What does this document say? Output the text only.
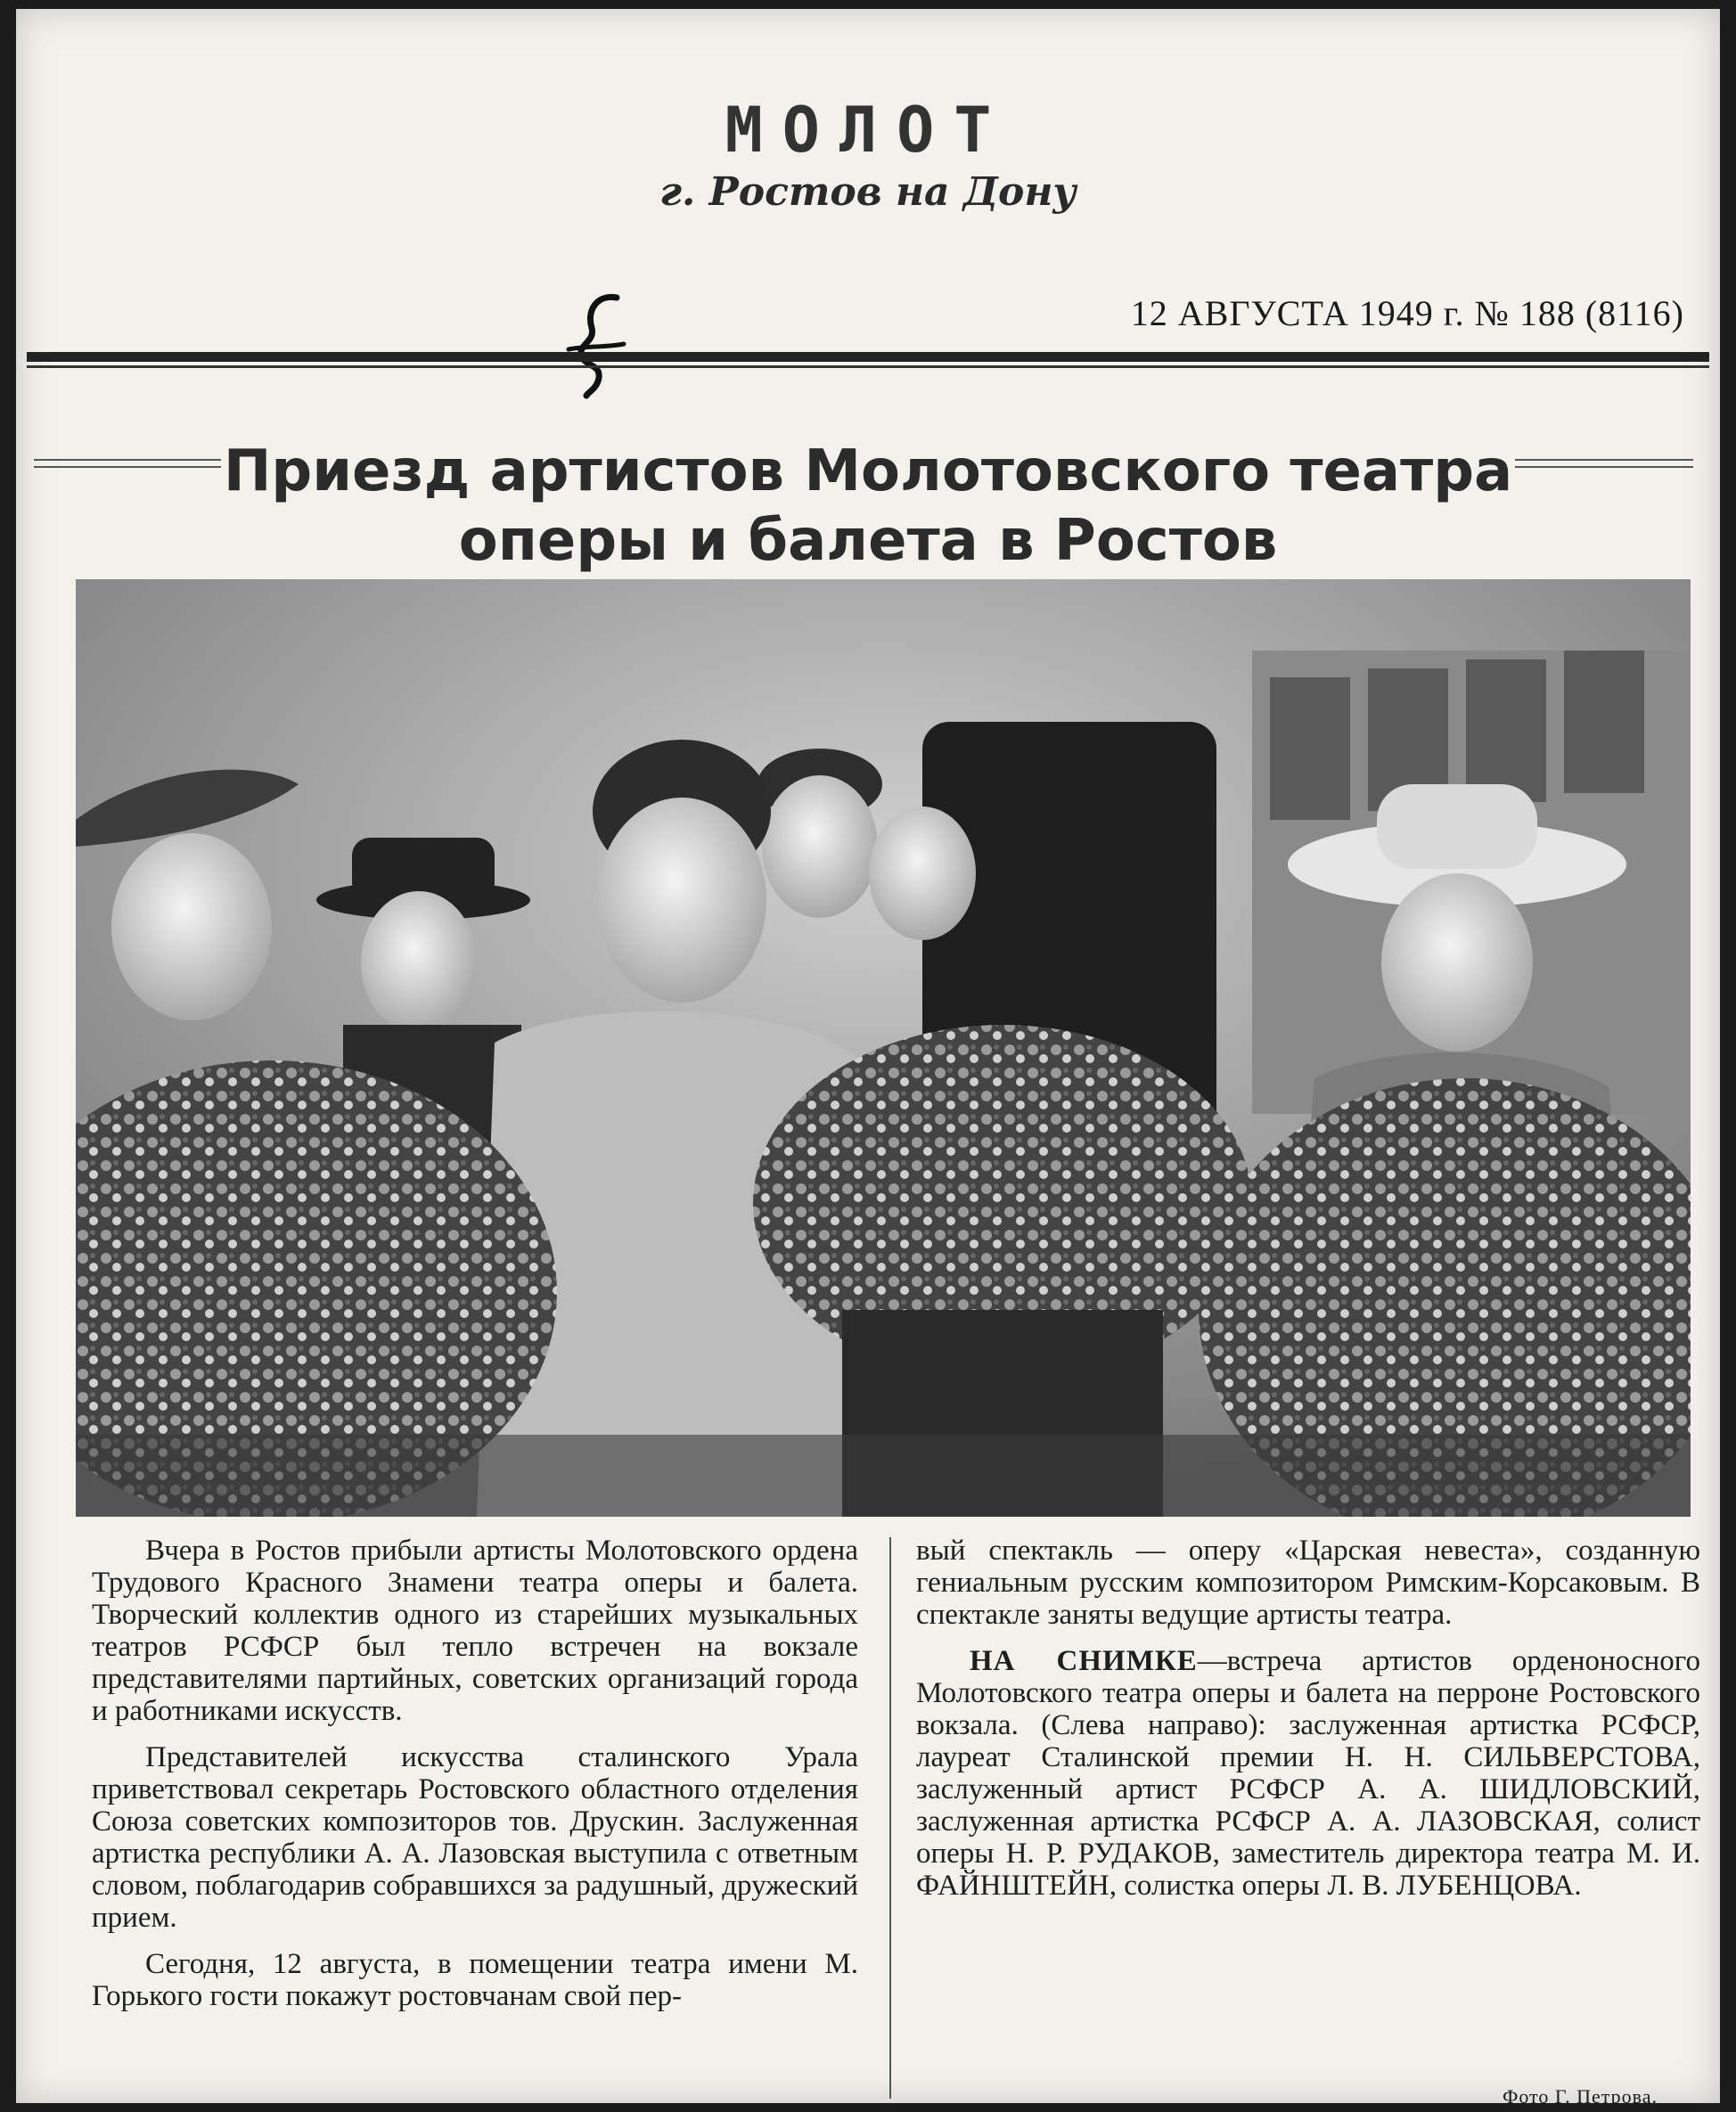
МОЛОТ
г. Ростов на Дону
12 АВГУСТА 1949 г. № 188 (8116)
Приезд артистов Молотовского театра
оперы и балета в Ростов

Вчера в Ростов прибыли артисты Молотовского ордена Трудового Красного Знамени театра оперы и балета. Творческий коллектив одного из старейших музыкальных театров РСФСР был тепло встречен на вокзале представителями партийных, советских организаций города и работниками искусств.

Представителей искусства сталинского Урала приветствовал секретарь Ростовского областного отделения Союза советских композиторов тов. Друскин. Заслуженная артистка республики А. А. Лазовская выступила с ответным словом, поблагодарив собравшихся за радушный, дружеский прием.

Сегодня, 12 августа, в помещении театра имени М. Горького гости покажут ростовчанам свой пер-

вый спектакль — оперу «Царская невеста», созданную гениальным русским композитором Римским-Корсаковым. В спектакле заняты ведущие артисты театра.

НА СНИМКЕ—встреча артистов орденоносного Молотовского театра оперы и балета на перроне Ростовского вокзала. (Слева направо): заслуженная артистка РСФСР, лауреат Сталинской премии Н. Н. СИЛЬВЕРСТОВА, заслуженный артист РСФСР А. А. ШИДЛОВСКИЙ, заслуженная артистка РСФСР А. А. ЛАЗОВСКАЯ, солист оперы Н. Р. РУДАКОВ, заместитель директора театра М. И. ФАЙНШТЕЙН, солистка оперы Л. В. ЛУБЕНЦОВА.

Фото Г. Петрова.
